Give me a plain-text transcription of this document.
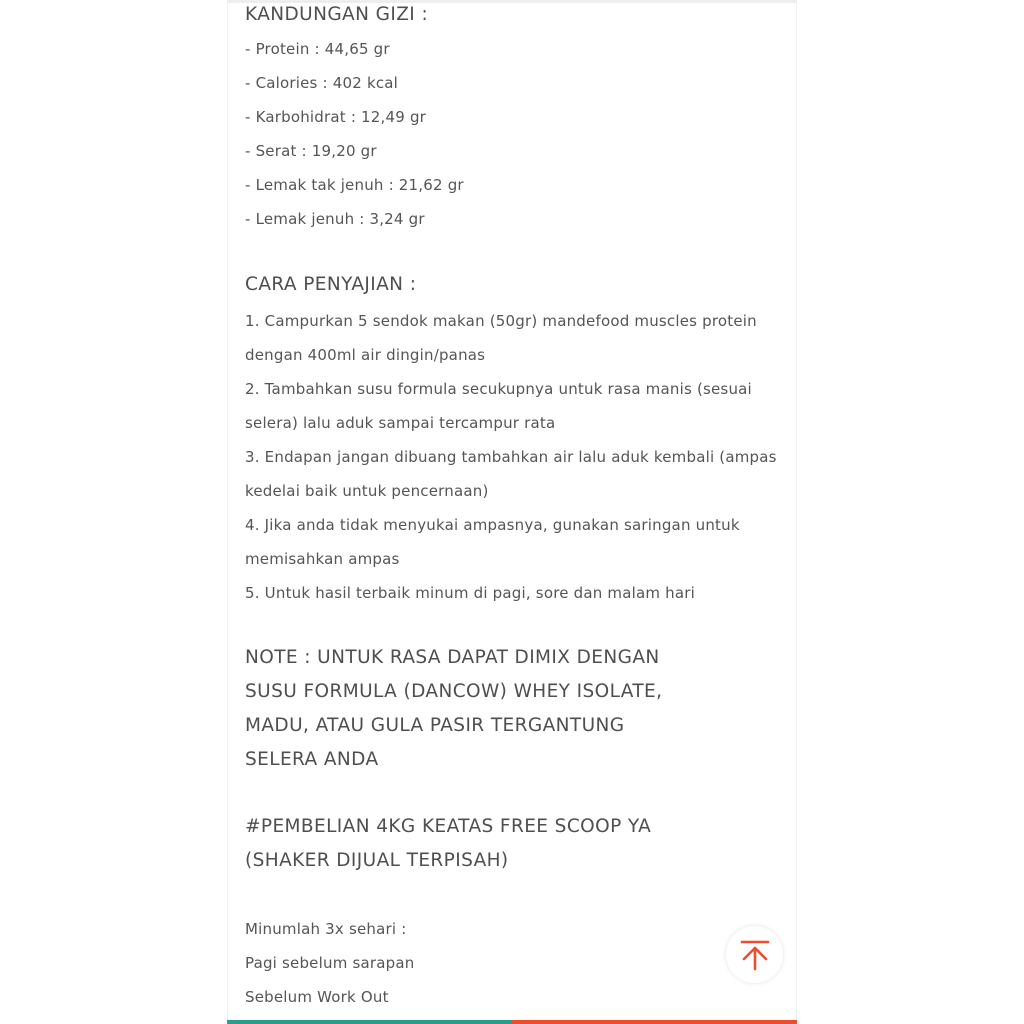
KANDUNGAN GIZI :
- Protein : 44,65 gr
- Calories : 402 kcal
- Karbohidrat : 12,49 gr
- Serat : 19,20 gr
- Lemak tak jenuh : 21,62 gr
- Lemak jenuh : 3,24 gr
CARA PENYAJIAN :
1. Campurkan 5 sendok makan (50gr) mandefood muscles protein
dengan 400ml air dingin/panas
2. Tambahkan susu formula secukupnya untuk rasa manis (sesuai
selera) lalu aduk sampai tercampur rata
3. Endapan jangan dibuang tambahkan air lalu aduk kembali (ampas
kedelai baik untuk pencernaan)
4. Jika anda tidak menyukai ampasnya, gunakan saringan untuk
memisahkan ampas
5. Untuk hasil terbaik minum di pagi, sore dan malam hari
NOTE : UNTUK RASA DAPAT DIMIX DENGAN
SUSU FORMULA (DANCOW) WHEY ISOLATE,
MADU, ATAU GULA PASIR TERGANTUNG
SELERA ANDA
#PEMBELIAN 4KG KEATAS FREE SCOOP YA
(SHAKER DIJUAL TERPISAH)
Minumlah 3x sehari :
Pagi sebelum sarapan
Sebelum Work Out
